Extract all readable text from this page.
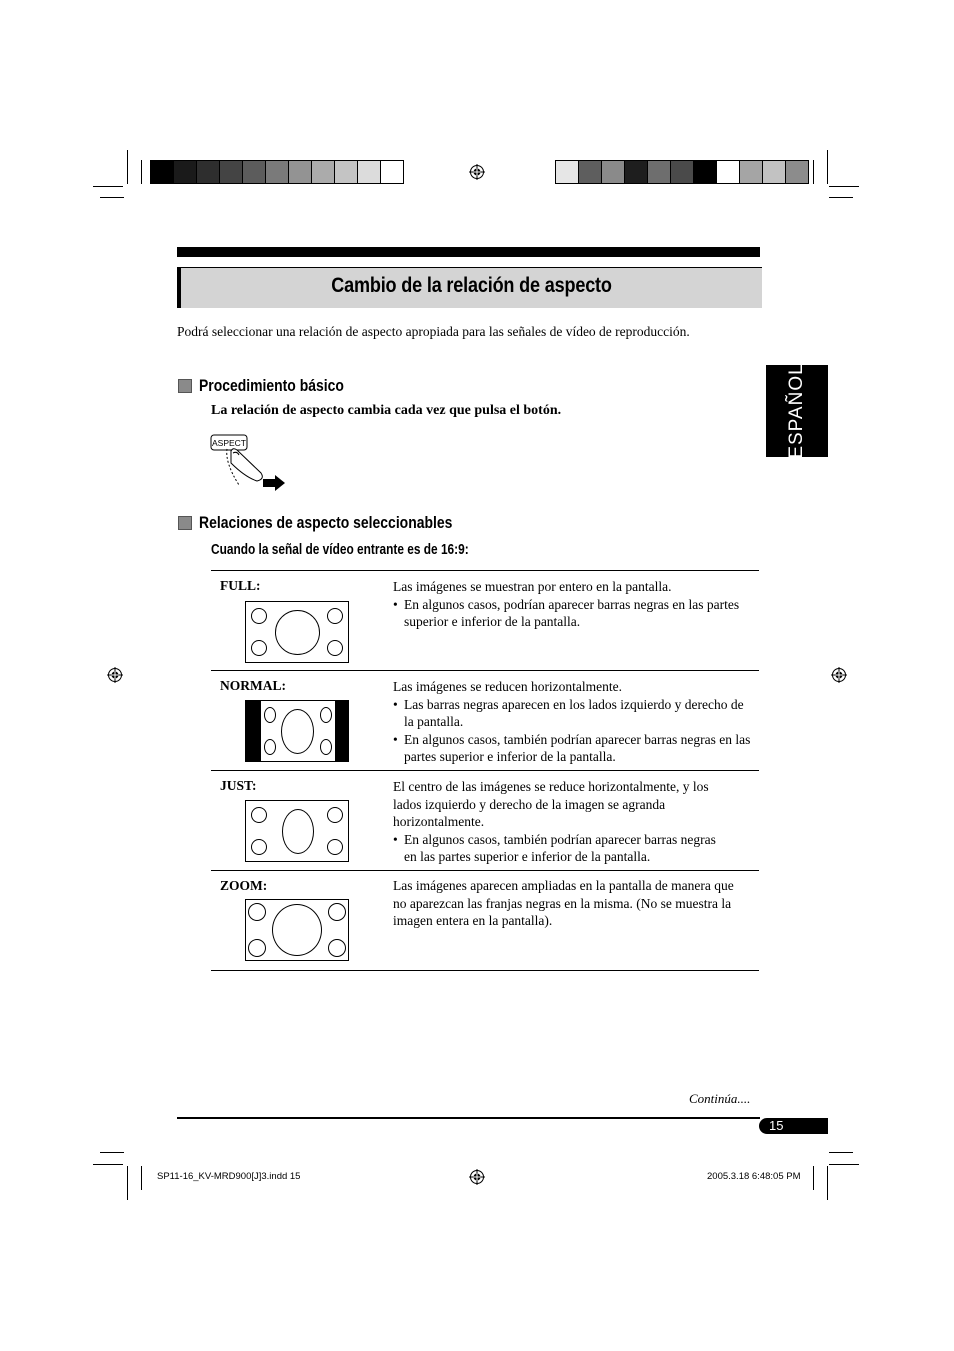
Cambio de la relación de aspecto
Podrá seleccionar una relación de aspecto apropiada para las señales de vídeo de reproducción.
ESPAÑOL
Procedimiento básico
La relación de aspecto cambia cada vez que pulsa el botón.
ASPECT
Relaciones de aspecto seleccionables
Cuando la señal de vídeo entrante es de 16:9:
FULL:	Las imágenes se muestran por entero en la pantalla.
• En algunos casos, podrían aparecer barras negras en las partes superior e inferior de la pantalla.
NORMAL:	Las imágenes se reducen horizontalmente.
• Las barras negras aparecen en los lados izquierdo y derecho de la pantalla.
• En algunos casos, también podrían aparecer barras negras en las partes superior e inferior de la pantalla.
JUST:	El centro de las imágenes se reduce horizontalmente, y los lados izquierdo y derecho de la imagen se agranda horizontalmente.
• En algunos casos, también podrían aparecer barras negras en las partes superior e inferior de la pantalla.
ZOOM:	Las imágenes aparecen ampliadas en la pantalla de manera que no aparezcan las franjas negras en la misma. (No se muestra la imagen entera en la pantalla).
Continúa....
15
SP11-16_KV-MRD900[J]3.indd 15	2005.3.18 6:48:05 PM
